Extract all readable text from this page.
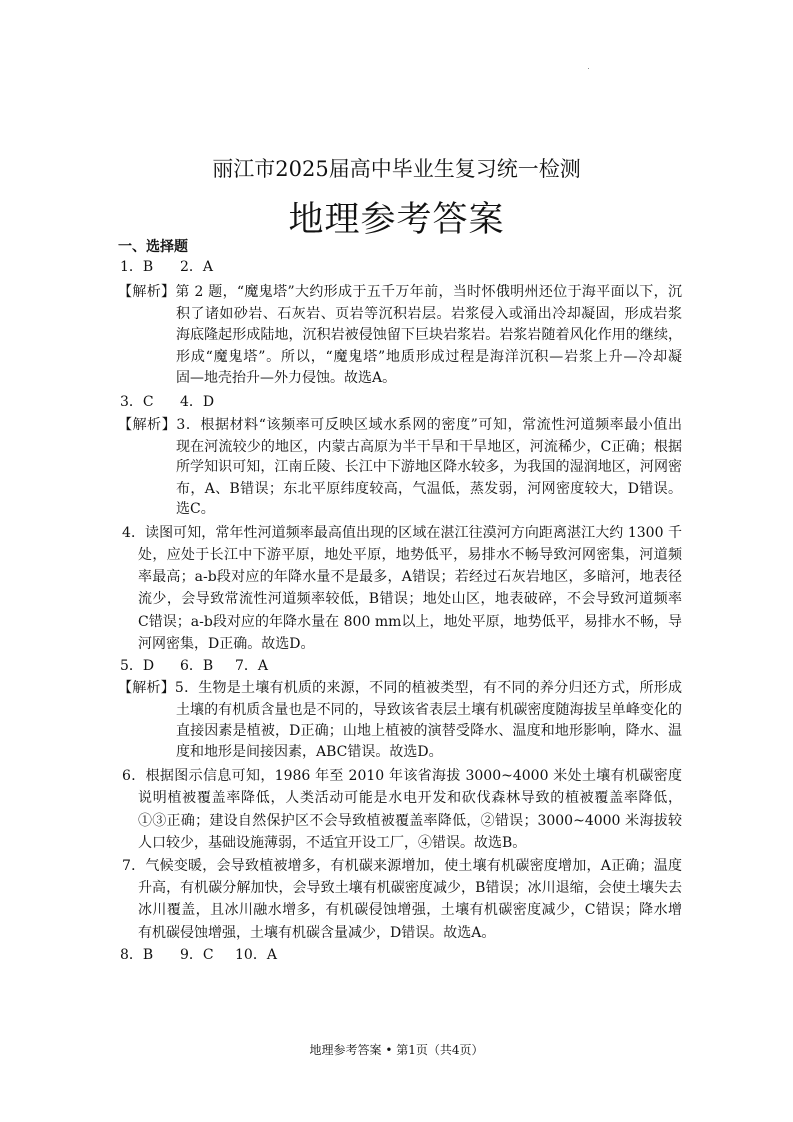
丽江市2025届高中毕业生复习统一检测
地理参考答案
一、选择题
1．B 2．A
3．C 4．D
5．D 6．B 7．A
8．B 9．C 10．A
【解析】第 2 题，“魔鬼塔”大约形成于五千万年前，当时怀俄明州还位于海平面以下，沉
积了诸如砂岩、石灰岩、页岩等沉积岩层。岩浆侵入或涌出冷却凝固，形成岩浆
海底隆起形成陆地，沉积岩被侵蚀留下巨块岩浆岩。岩浆岩随着风化作用的继续，
形成“魔鬼塔”。所以，“魔鬼塔”地质形成过程是海洋沉积—岩浆上升—冷却凝
固—地壳抬升—外力侵蚀。故选A。
【解析】3．根据材料“该频率可反映区域水系网的密度”可知，常流性河道频率最小值出
现在河流较少的地区，内蒙古高原为半干旱和干旱地区，河流稀少，C正确；根据
所学知识可知，江南丘陵、长江中下游地区降水较多，为我国的湿润地区，河网密
布，A、B错误；东北平原纬度较高，气温低，蒸发弱，河网密度较大，D错误。
选C。
4．读图可知，常年性河道频率最高值出现的区域在湛江往漠河方向距离湛江大约 1300 千
处，应处于长江中下游平原，地处平原，地势低平，易排水不畅导致河网密集，河道频
率最高；a-b段对应的年降水量不是最多，A错误；若经过石灰岩地区，多暗河，地表径
流少，会导致常流性河道频率较低，B错误；地处山区，地表破碎，不会导致河道频率
C错误；a-b段对应的年降水量在 800 mm以上，地处平原，地势低平，易排水不畅，导
河网密集，D正确。故选D。
【解析】5．生物是土壤有机质的来源，不同的植被类型，有不同的养分归还方式，所形成
土壤的有机质含量也是不同的，导致该省表层土壤有机碳密度随海拔呈单峰变化的
直接因素是植被，D正确；山地上植被的演替受降水、温度和地形影响，降水、温
度和地形是间接因素，ABC错误。故选D。
6．根据图示信息可知，1986 年至 2010 年该省海拔 3000~4000 米处土壤有机碳密度
说明植被覆盖率降低，人类活动可能是水电开发和砍伐森林导致的植被覆盖率降低，
①③正确；建设自然保护区不会导致植被覆盖率降低，②错误；3000~4000 米海拔较
人口较少，基础设施薄弱，不适宜开设工厂，④错误。故选B。
7．气候变暖，会导致植被增多，有机碳来源增加，使土壤有机碳密度增加，A正确；温度
升高，有机碳分解加快，会导致土壤有机碳密度减少，B错误；冰川退缩，会使土壤失去
冰川覆盖，且冰川融水增多，有机碳侵蚀增强，土壤有机碳密度减少，C错误；降水增
有机碳侵蚀增强，土壤有机碳含量减少，D错误。故选A。
地理参考答案 • 第1页（共4页）
